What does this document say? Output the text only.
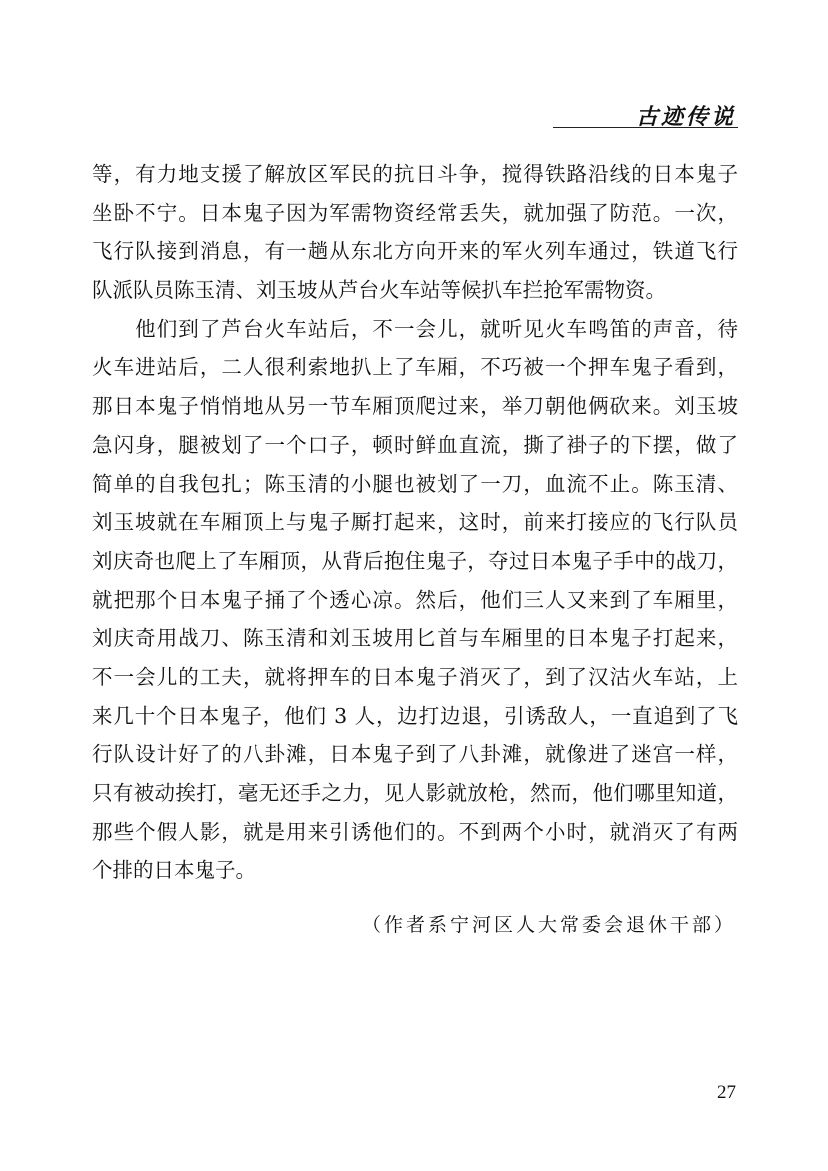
古迹传说
等，有力地支援了解放区军民的抗日斗争，搅得铁路沿线的日本鬼子
坐卧不宁。日本鬼子因为军需物资经常丢失，就加强了防范。一次，
飞行队接到消息，有一趟从东北方向开来的军火列车通过，铁道飞行
队派队员陈玉清、刘玉坡从芦台火车站等候扒车拦抢军需物资。
　　他们到了芦台火车站后，不一会儿，就听见火车鸣笛的声音，待
火车进站后，二人很利索地扒上了车厢，不巧被一个押车鬼子看到，
那日本鬼子悄悄地从另一节车厢顶爬过来，举刀朝他俩砍来。刘玉坡
急闪身，腿被划了一个口子，顿时鲜血直流，撕了褂子的下摆，做了
简单的自我包扎；陈玉清的小腿也被划了一刀，血流不止。陈玉清、
刘玉坡就在车厢顶上与鬼子厮打起来，这时，前来打接应的飞行队员
刘庆奇也爬上了车厢顶，从背后抱住鬼子，夺过日本鬼子手中的战刀，
就把那个日本鬼子捅了个透心凉。然后，他们三人又来到了车厢里，
刘庆奇用战刀、陈玉清和刘玉坡用匕首与车厢里的日本鬼子打起来，
不一会儿的工夫，就将押车的日本鬼子消灭了，到了汉沽火车站，上
来几十个日本鬼子，他们 3 人，边打边退，引诱敌人，一直追到了飞
行队设计好了的八卦滩，日本鬼子到了八卦滩，就像进了迷宫一样，
只有被动挨打，毫无还手之力，见人影就放枪，然而，他们哪里知道，
那些个假人影，就是用来引诱他们的。不到两个小时，就消灭了有两
个排的日本鬼子。
（作者系宁河区人大常委会退休干部）
27
